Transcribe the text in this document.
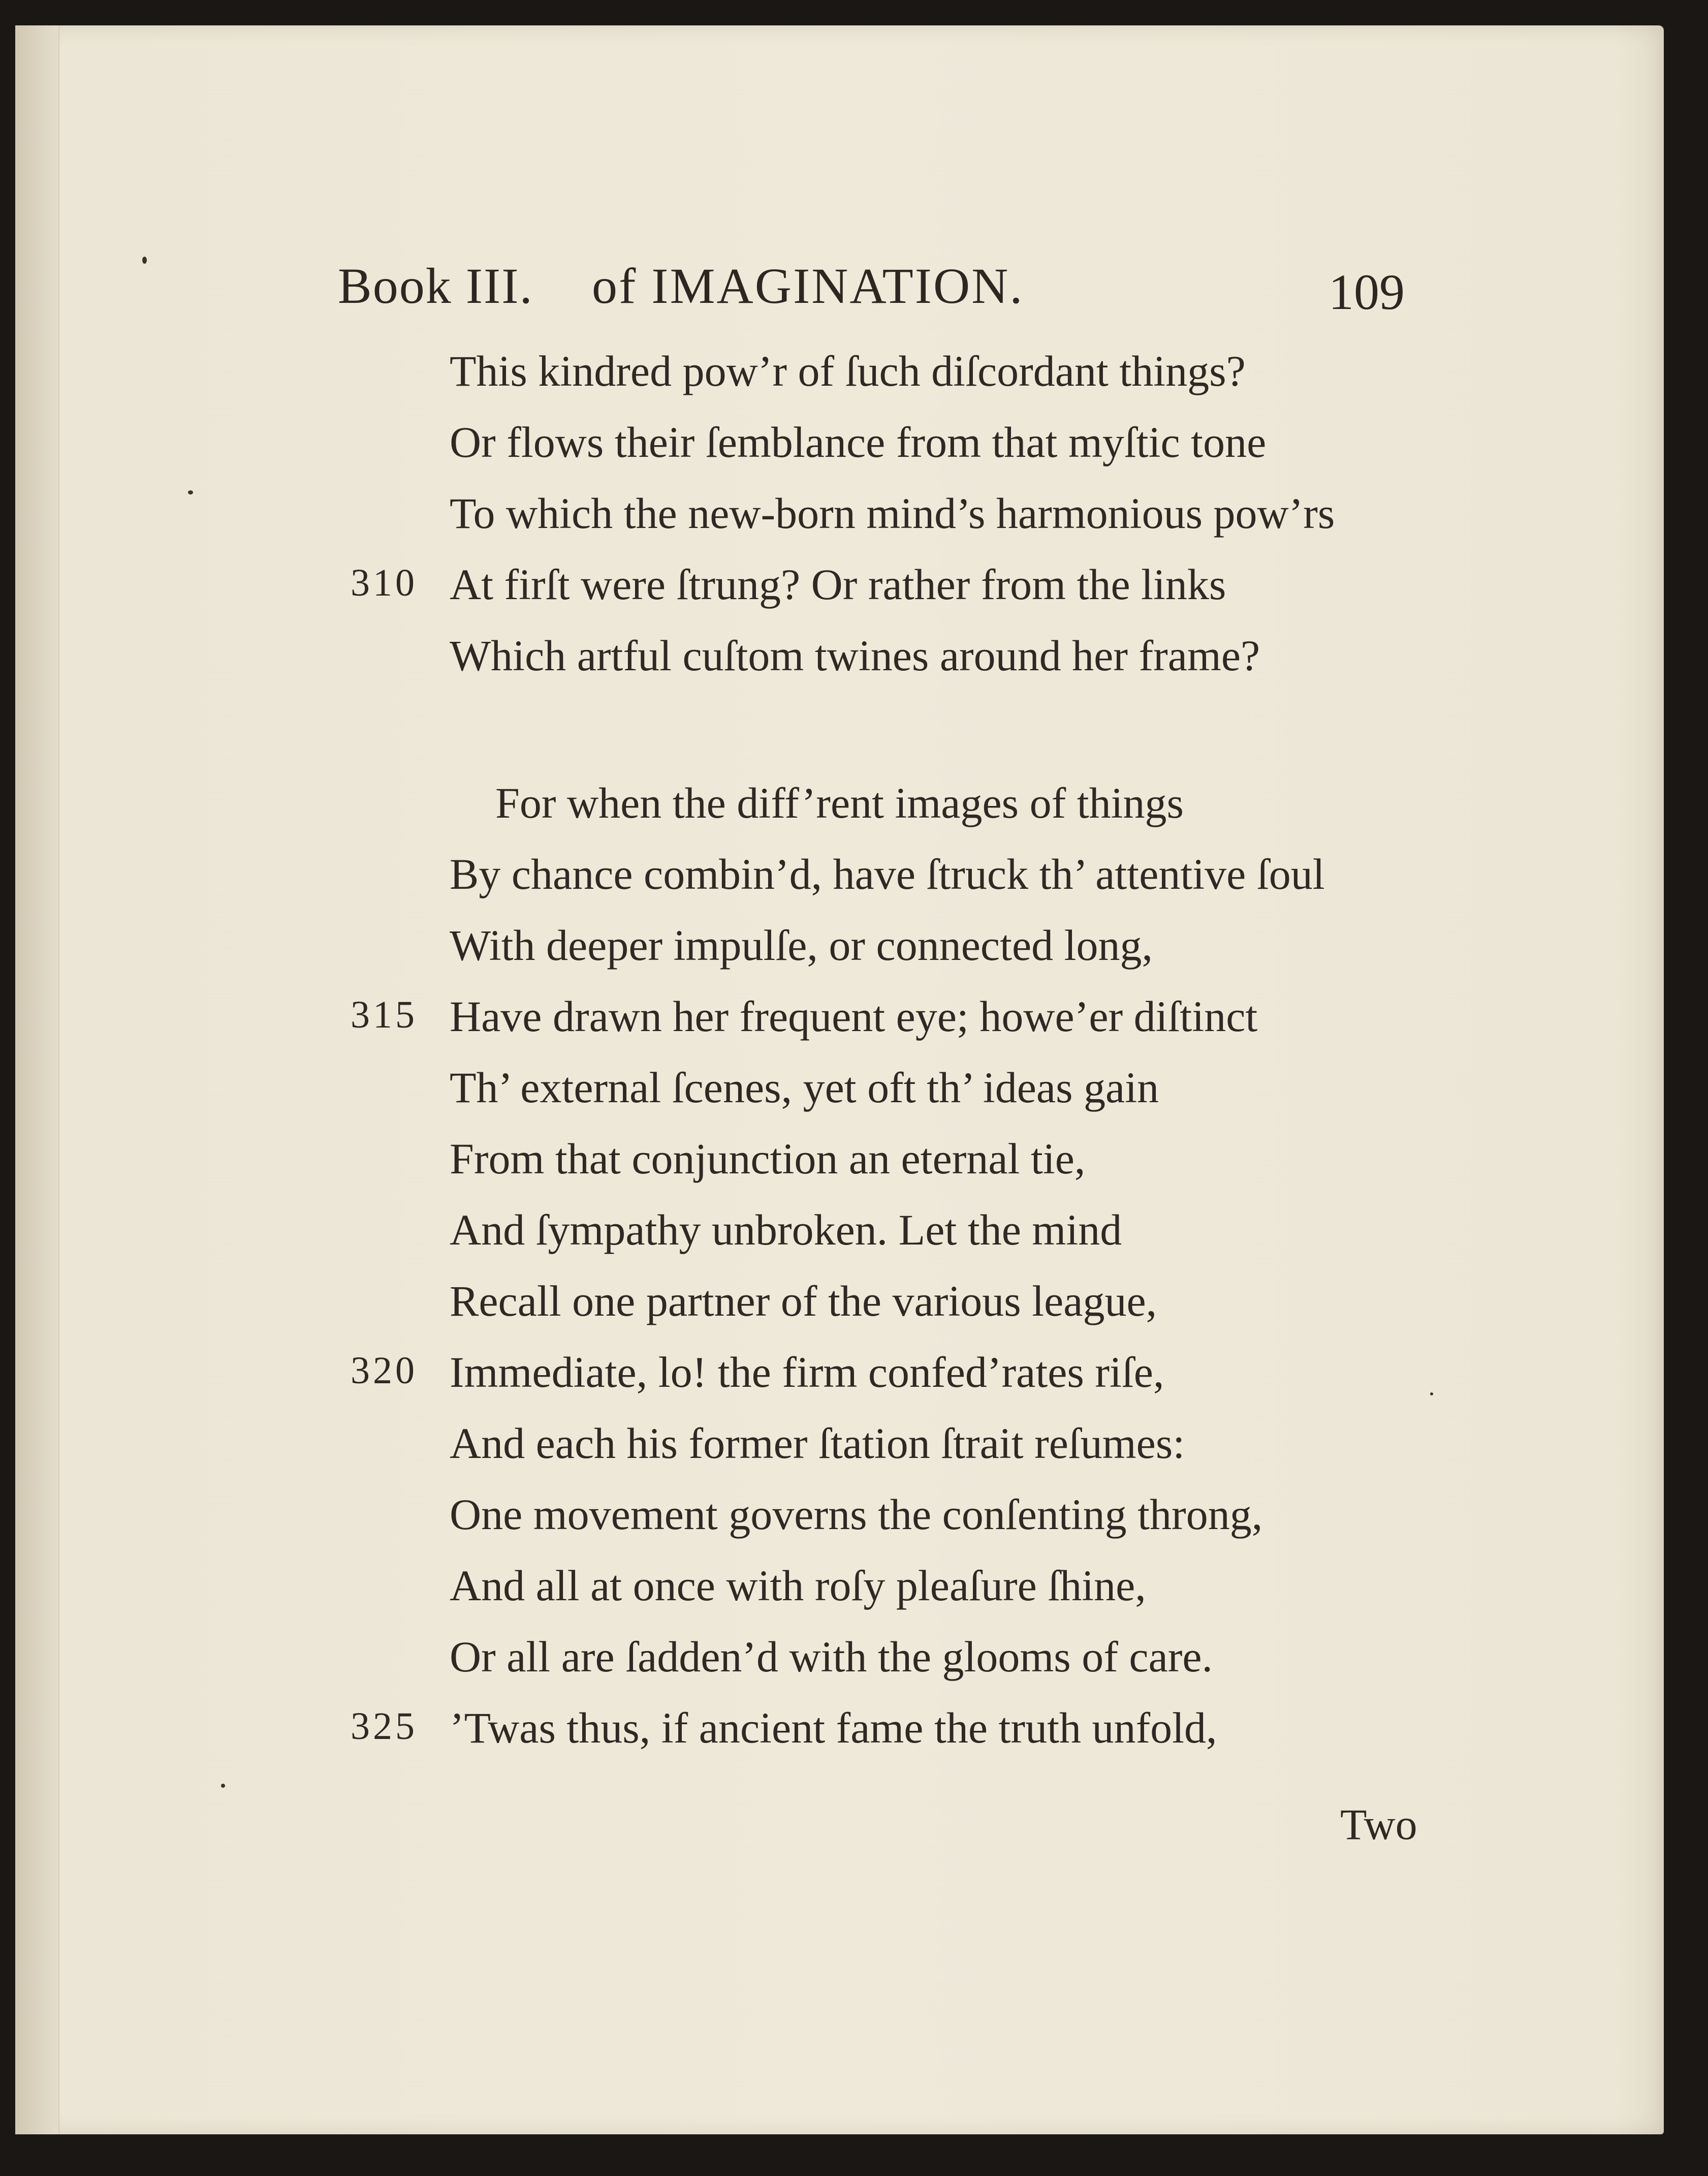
Book III. of IMAGINATION.	109
This kindred pow’r of ſuch diſcordant things?
Or flows their ſemblance from that myſtic tone
To which the new-born mind’s harmonious pow’rs
310 At firſt were ſtrung? Or rather from the links
Which artful cuſtom twines around her frame?
For when the diff’rent images of things
By chance combin’d, have ſtruck th’ attentive ſoul
With deeper impulſe, or connected long,
315 Have drawn her frequent eye; howe’er diſtinct
Th’ external ſcenes, yet oft th’ ideas gain
From that conjunction an eternal tie,
And ſympathy unbroken. Let the mind
Recall one partner of the various league,
320 Immediate, lo! the firm confed’rates riſe,
And each his former ſtation ſtrait reſumes:
One movement governs the conſenting throng,
And all at once with roſy pleaſure ſhine,
Or all are ſadden’d with the glooms of care.
325 ’Twas thus, if ancient fame the truth unfold,
Two
